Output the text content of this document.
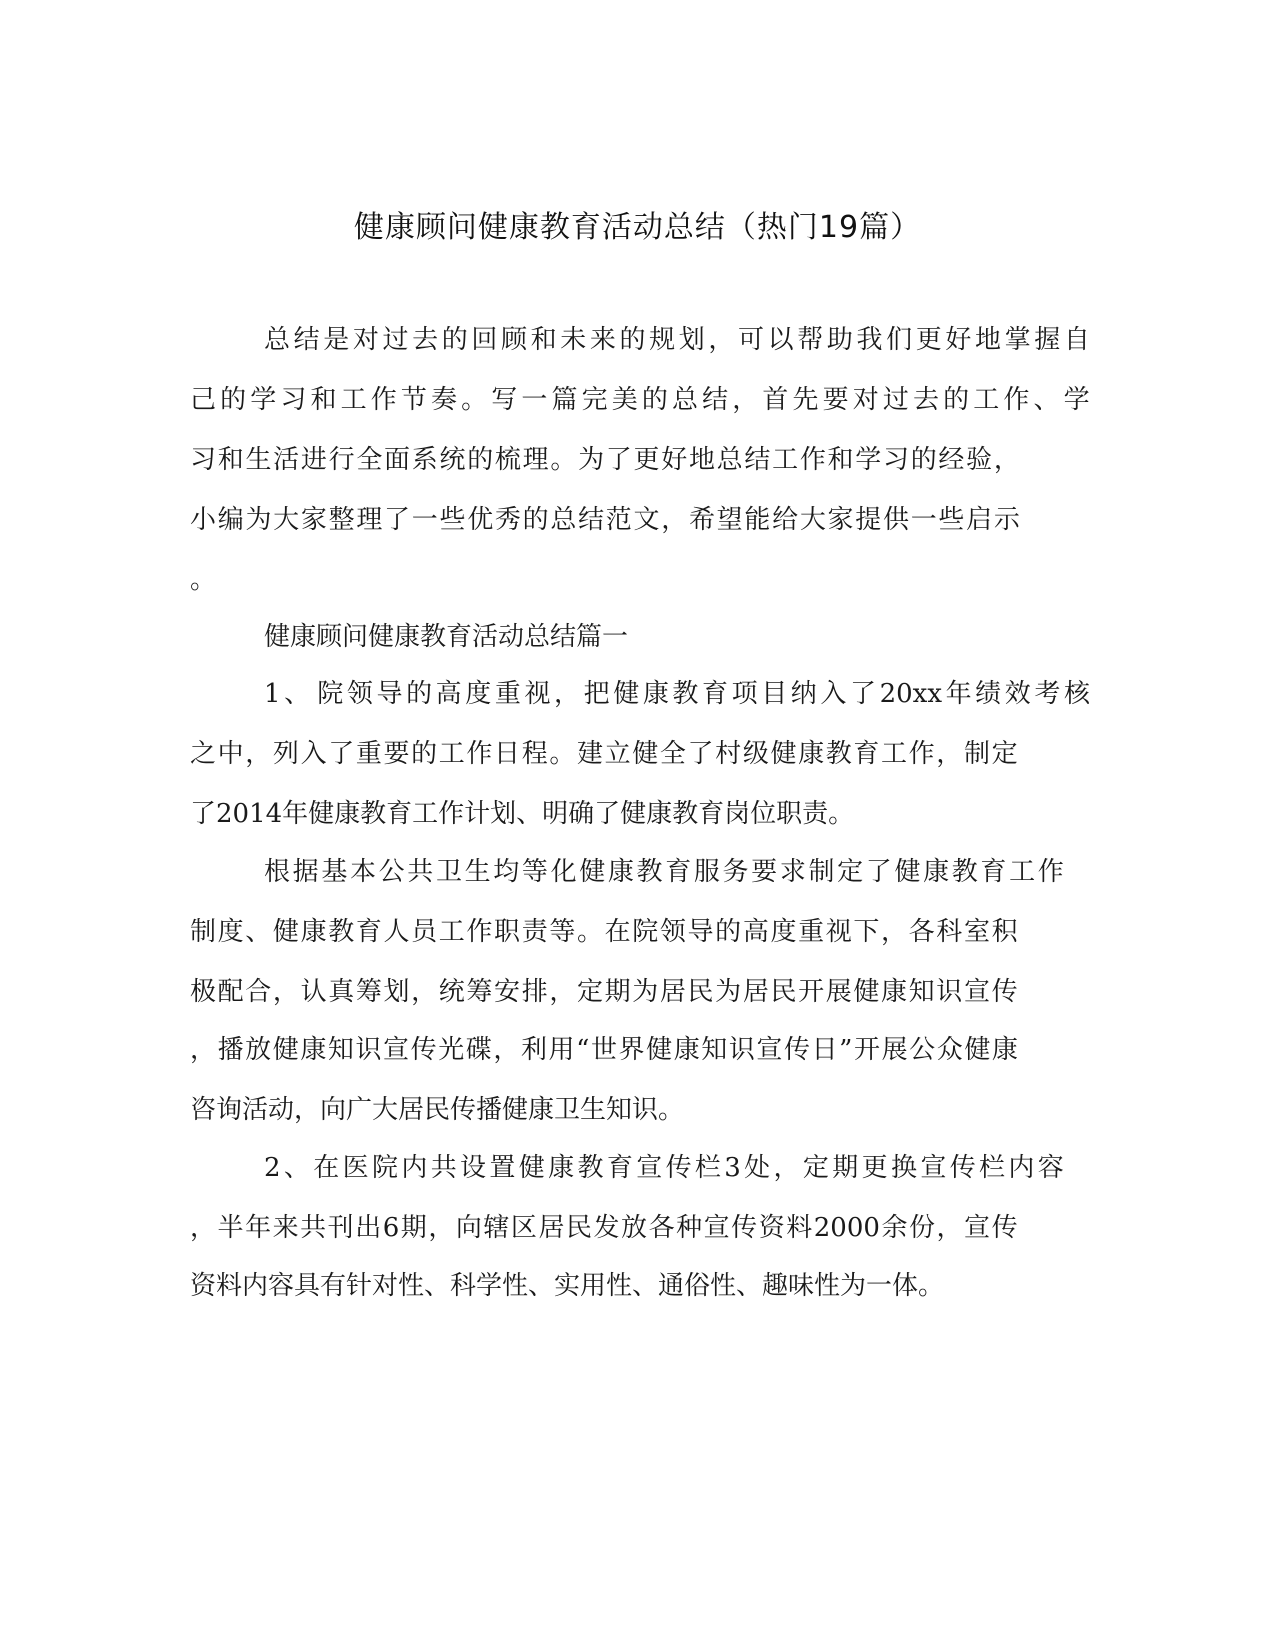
健康顾问健康教育活动总结（热门19篇）
总 结 是 对 过 去 的 回 顾 和 未 来 的 规 划 ， 可 以 帮 助 我 们 更 好 地 掌 握 自
己 的 学 习 和 工 作 节 奏 。 写 一 篇 完 美 的 总 结 ， 首 先 要 对 过 去 的 工 作 、 学
习 和 生 活 进 行 全 面 系 统 的 梳 理 。 为 了 更 好 地 总 结 工 作 和 学 习 的 经 验 ，
小 编 为 大 家 整 理 了 一 些 优 秀 的 总 结 范 文 ， 希 望 能 给 大 家 提 供 一 些 启 示
。
健康顾问健康教育活动总结篇一
1 、 院 领 导 的 高 度 重 视 ， 把 健 康 教 育 项 目 纳 入 了 20xx 年 绩 效 考 核
之 中 ， 列 入 了 重 要 的 工 作 日 程 。 建 立 健 全 了 村 级 健 康 教 育 工 作 ， 制 定
了2014年健康教育工作计划、明确了健康教育岗位职责。
根 据 基 本 公 共 卫 生 均 等 化 健 康 教 育 服 务 要 求 制 定 了 健 康 教 育 工 作
制 度 、 健 康 教 育 人 员 工 作 职 责 等 。 在 院 领 导 的 高 度 重 视 下 ， 各 科 室 积
极 配 合 ， 认 真 筹 划 ， 统 筹 安 排 ， 定 期 为 居 民 为 居 民 开 展 健 康 知 识 宣 传
， 播 放 健 康 知 识 宣 传 光 碟 ， 利 用 “ 世 界 健 康 知 识 宣 传 日 ” 开 展 公 众 健 康
咨询活动，向广大居民传播健康卫生知识。
2 、 在 医 院 内 共 设 置 健 康 教 育 宣 传 栏 3 处 ， 定 期 更 换 宣 传 栏 内 容
， 半 年 来 共 刊 出 6 期 ， 向 辖 区 居 民 发 放 各 种 宣 传 资 料 2000 余 份 ， 宣 传
资料内容具有针对性、科学性、实用性、通俗性、趣味性为一体。
